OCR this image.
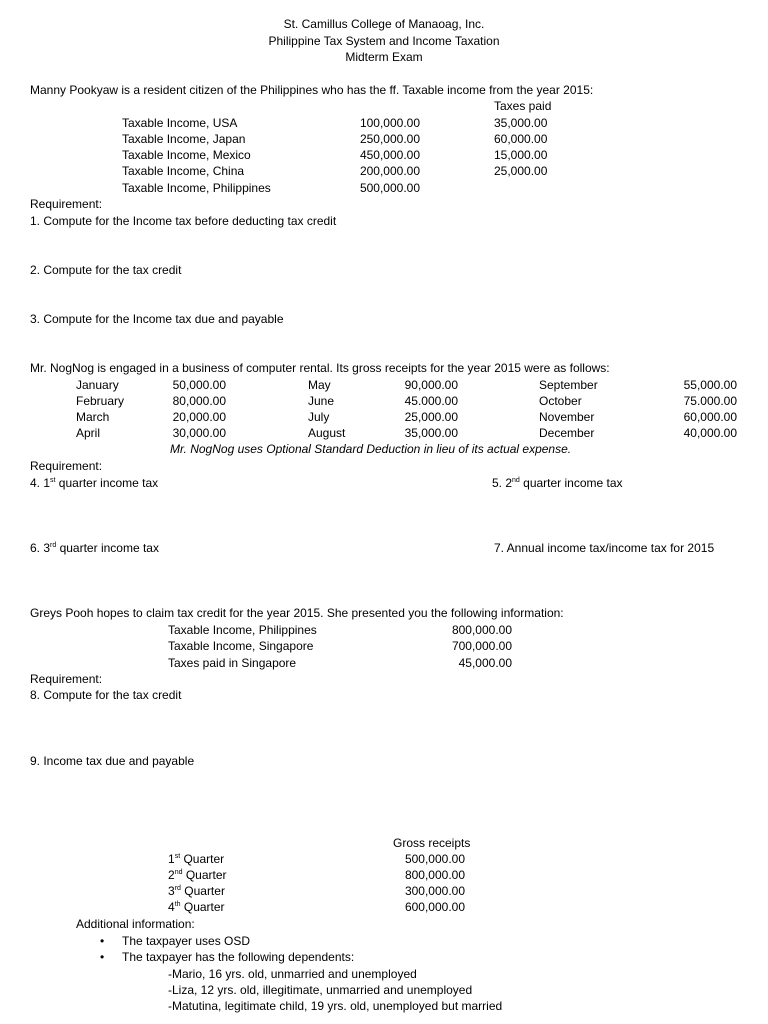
St. Camillus College of Manaoag, Inc.
Philippine Tax System and Income Taxation
Midterm Exam
Manny Pookyaw is a resident citizen of the Philippines who has the ff. Taxable income from the year 2015:
Taxes paid
Taxable Income, USA	100,000.00	35,000.00
Taxable Income, Japan	250,000.00	60,000.00
Taxable Income, Mexico	450,000.00	15,000.00
Taxable Income, China	200,000.00	25,000.00
Taxable Income, Philippines	500,000.00
Requirement:
1. Compute for the Income tax before deducting tax credit
2. Compute for the tax credit
3. Compute for the Income tax due and payable
Mr. NogNog is engaged in a business of computer rental. Its gross receipts for the year 2015 were as follows:
January	50,000.00	May	90,000.00	September	55,000.00
February	80,000.00	June	45.000.00	October	75.000.00
March	20,000.00	July	25,000.00	November	60,000.00
April	30,000.00	August	35,000.00	December	40,000.00
Mr. NogNog uses Optional Standard Deduction in lieu of its actual expense.
Requirement:
4. 1st quarter income tax	5. 2nd quarter income tax
6. 3rd quarter income tax	7. Annual income tax/income tax for 2015
Greys Pooh hopes to claim tax credit for the year 2015. She presented you the following information:
Taxable Income, Philippines	800,000.00
Taxable Income, Singapore	700,000.00
Taxes paid in Singapore	45,000.00
Requirement:
8. Compute for the tax credit
9. Income tax due and payable
Gross receipts
1st Quarter	500,000.00
2nd Quarter	800,000.00
3rd Quarter	300,000.00
4th Quarter	600,000.00
Additional information:
• The taxpayer uses OSD
• The taxpayer has the following dependents:
-Mario, 16 yrs. old, unmarried and unemployed
-Liza, 12 yrs. old, illegitimate, unmarried and unemployed
-Matutina, legitimate child, 19 yrs. old, unemployed but married
